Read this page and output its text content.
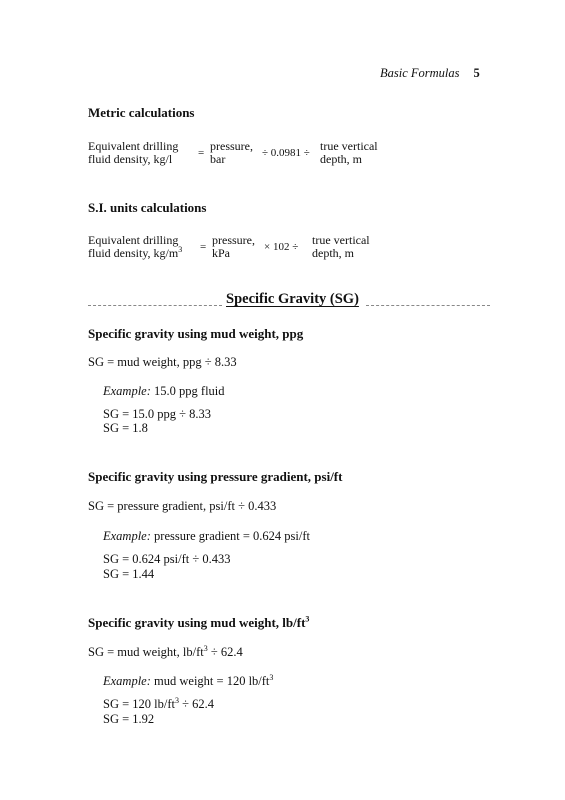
Basic Formulas 5
Metric calculations
Equivalent drilling
fluid density, kg/l = pressure,
bar	÷ 0.0981 ÷ true vertical
depth, m
S.I. units calculations
Equivalent drilling
fluid density, $kg/m^3$ = pressure,
kPa	× 102 ÷ true vertical
depth, m
Specific Gravity (SG)
Specific gravity using mud weight, ppg
SG = mud weight, ppg ÷ 8.33
Example: 15.0 ppg fluid
SG = 15.0 ppg ÷ 8.33
SG = 1.8
Specific gravity using pressure gradient, psi/ft
SG = pressure gradient, psi/ft ÷ 0.433
Example: pressure gradient = 0.624 psi/ft
SG = 0.624 psi/ft ÷ 0.433
SG = 1.44
Specific gravity using mud weight, $lb/ft^3$
SG = mud weight, $lb/ft^3 \div 62.4$
Example: mud weight = 120 $lb/ft^3$
SG = 120 $lb/ft^3 \div 62.4$
SG = 1.92
